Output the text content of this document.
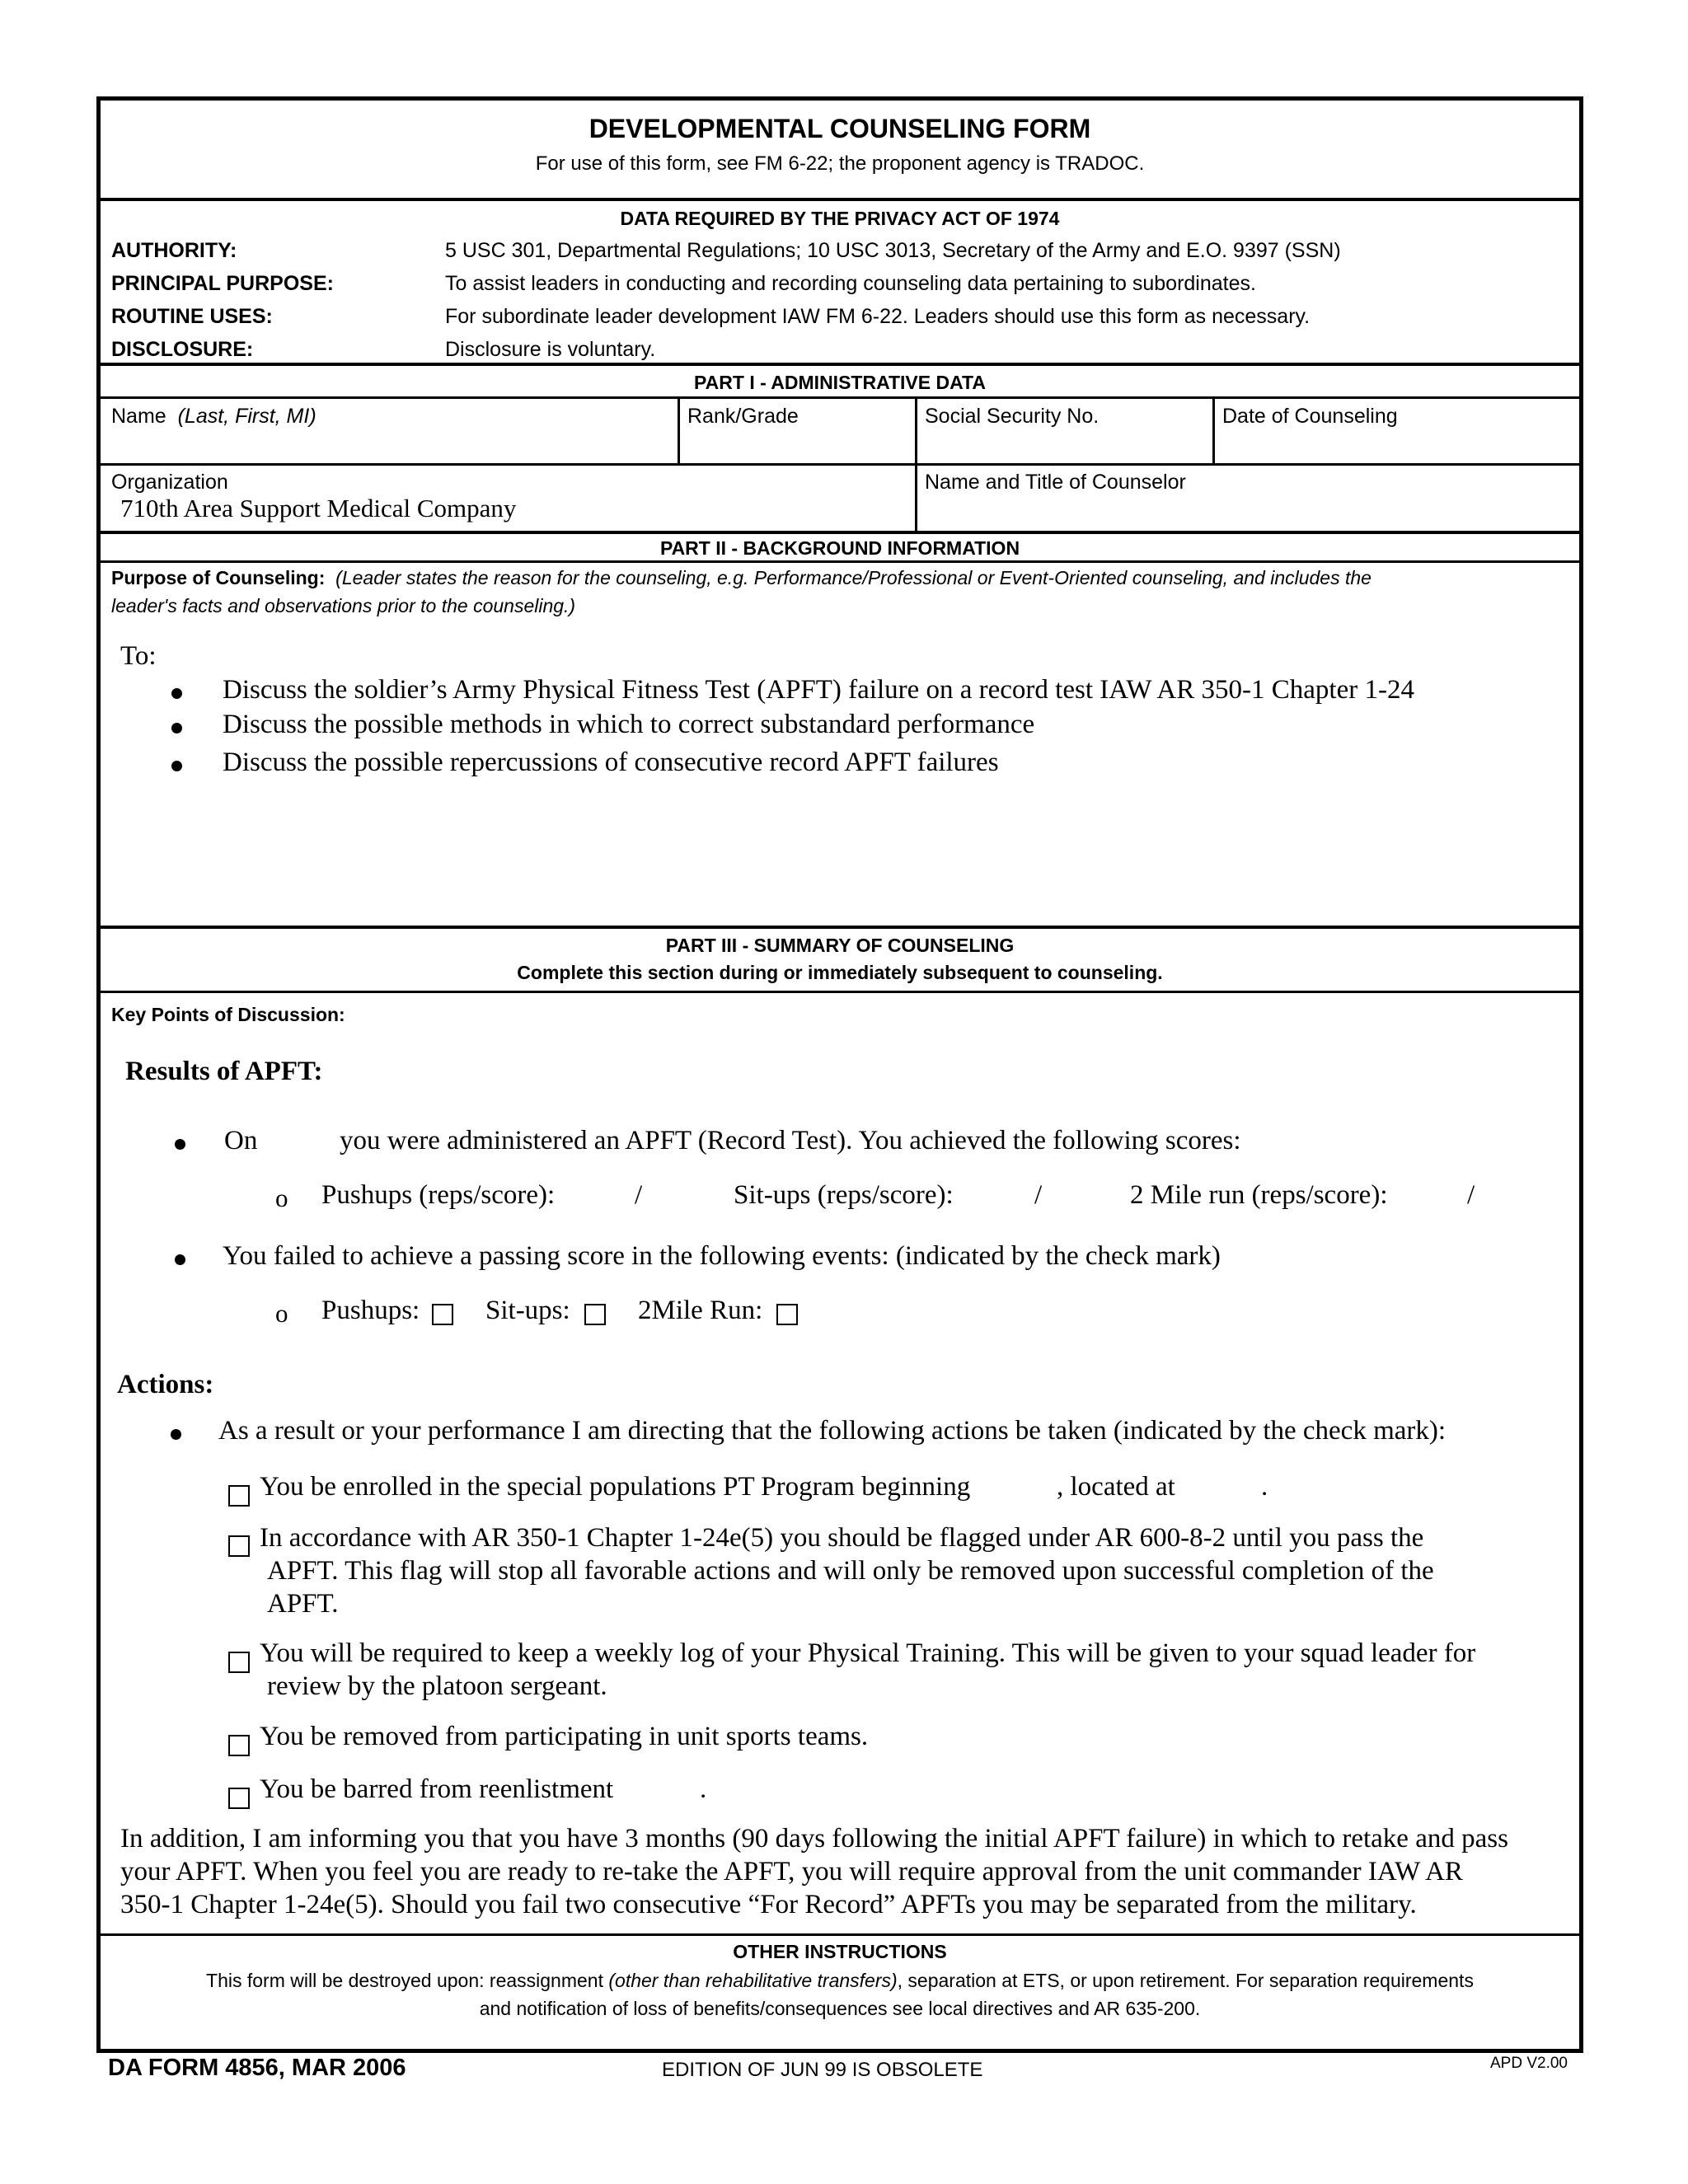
DEVELOPMENTAL COUNSELING FORM
For use of this form, see FM 6-22; the proponent agency is TRADOC.
DATA REQUIRED BY THE PRIVACY ACT OF 1974
AUTHORITY:	5 USC 301, Departmental Regulations; 10 USC 3013, Secretary of the Army and E.O. 9397 (SSN)
PRINCIPAL PURPOSE:	To assist leaders in conducting and recording counseling data pertaining to subordinates.
ROUTINE USES:	For subordinate leader development IAW FM 6-22. Leaders should use this form as necessary.
DISCLOSURE:	Disclosure is voluntary.
PART I - ADMINISTRATIVE DATA
Name (Last, First, MI)	Rank/Grade	Social Security No.	Date of Counseling
Organization
710th Area Support Medical Company
Name and Title of Counselor
PART II - BACKGROUND INFORMATION
Purpose of Counseling: (Leader states the reason for the counseling, e.g. Performance/Professional or Event-Oriented counseling, and includes the
leader's facts and observations prior to the counseling.)
To:
Discuss the soldier’s Army Physical Fitness Test (APFT) failure on a record test IAW AR 350-1 Chapter 1-24
Discuss the possible methods in which to correct substandard performance
Discuss the possible repercussions of consecutive record APFT failures
PART III - SUMMARY OF COUNSELING
Complete this section during or immediately subsequent to counseling.
Key Points of Discussion:
Results of APFT:
On	you were administered an APFT (Record Test). You achieved the following scores:
o Pushups (reps/score):	/	Sit-ups (reps/score):	/	2 Mile run (reps/score):	/
You failed to achieve a passing score in the following events: (indicated by the check mark)
o Pushups: Sit-ups: 2Mile Run:
Actions:
As a result or your performance I am directing that the following actions be taken (indicated by the check mark):
You be enrolled in the special populations PT Program beginning	, located at	.
In accordance with AR 350-1 Chapter 1-24e(5) you should be flagged under AR 600-8-2 until you pass the
APFT. This flag will stop all favorable actions and will only be removed upon successful completion of the
APFT.
You will be required to keep a weekly log of your Physical Training. This will be given to your squad leader for
review by the platoon sergeant.
You be removed from participating in unit sports teams.
You be barred from reenlistment	.
In addition, I am informing you that you have 3 months (90 days following the initial APFT failure) in which to retake and pass
your APFT. When you feel you are ready to re-take the APFT, you will require approval from the unit commander IAW AR
350-1 Chapter 1-24e(5). Should you fail two consecutive “For Record” APFTs you may be separated from the military.
OTHER INSTRUCTIONS
This form will be destroyed upon: reassignment (other than rehabilitative transfers), separation at ETS, or upon retirement. For separation requirements
and notification of loss of benefits/consequences see local directives and AR 635-200.
DA FORM 4856, MAR 2006	EDITION OF JUN 99 IS OBSOLETE	APD V2.00
